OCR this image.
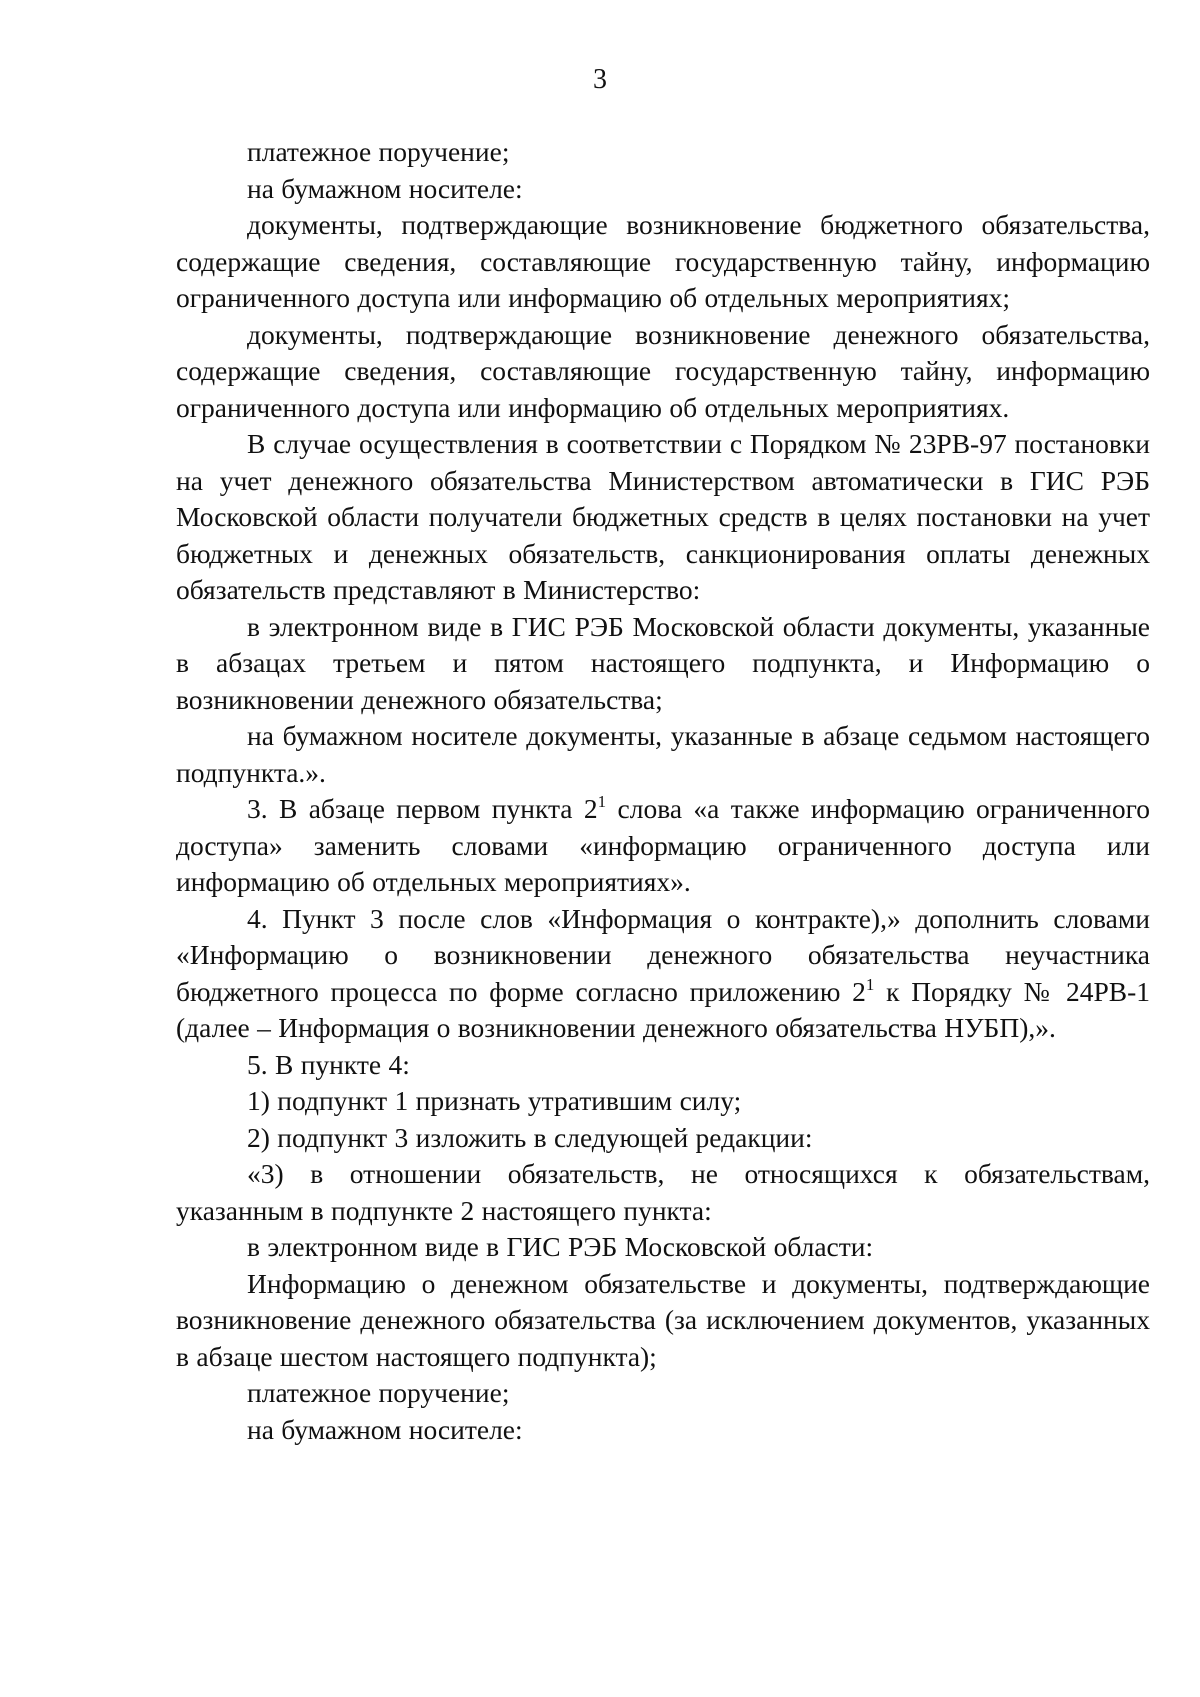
3

платежное поручение;

на бумажном носителе:

документы, подтверждающие возникновение бюджетного обязательства, содержащие сведения, составляющие государственную тайну, информацию ограниченного доступа или информацию об отдельных мероприятиях;

документы, подтверждающие возникновение денежного обязательства, содержащие сведения, составляющие государственную тайну, информацию ограниченного доступа или информацию об отдельных мероприятиях.

В случае осуществления в соответствии с Порядком № 23РВ-97 постановки на учет денежного обязательства Министерством автоматически в ГИС РЭБ Московской области получатели бюджетных средств в целях постановки на учет бюджетных и денежных обязательств, санкционирования оплаты денежных обязательств представляют в Министерство:

в электронном виде в ГИС РЭБ Московской области документы, указанные в абзацах третьем и пятом настоящего подпункта, и Информацию о возникновении денежного обязательства;

на бумажном носителе документы, указанные в абзаце седьмом настоящего подпункта.».

3. В абзаце первом пункта $2^1$ слова «а также информацию ограниченного доступа» заменить словами «информацию ограниченного доступа или информацию об отдельных мероприятиях».

4. Пункт 3 после слов «Информация о контракте),» дополнить словами «Информацию о возникновении денежного обязательства неучастника бюджетного процесса по форме согласно приложению $2^1$ к Порядку № 24РВ-1 (далее – Информация о возникновении денежного обязательства НУБП),».

5. В пункте 4:

1) подпункт 1 признать утратившим силу;

2) подпункт 3 изложить в следующей редакции:

«3) в отношении обязательств, не относящихся к обязательствам, указанным в подпункте 2 настоящего пункта:

в электронном виде в ГИС РЭБ Московской области:

Информацию о денежном обязательстве и документы, подтверждающие возникновение денежного обязательства (за исключением документов, указанных в абзаце шестом настоящего подпункта);

платежное поручение;

на бумажном носителе:
